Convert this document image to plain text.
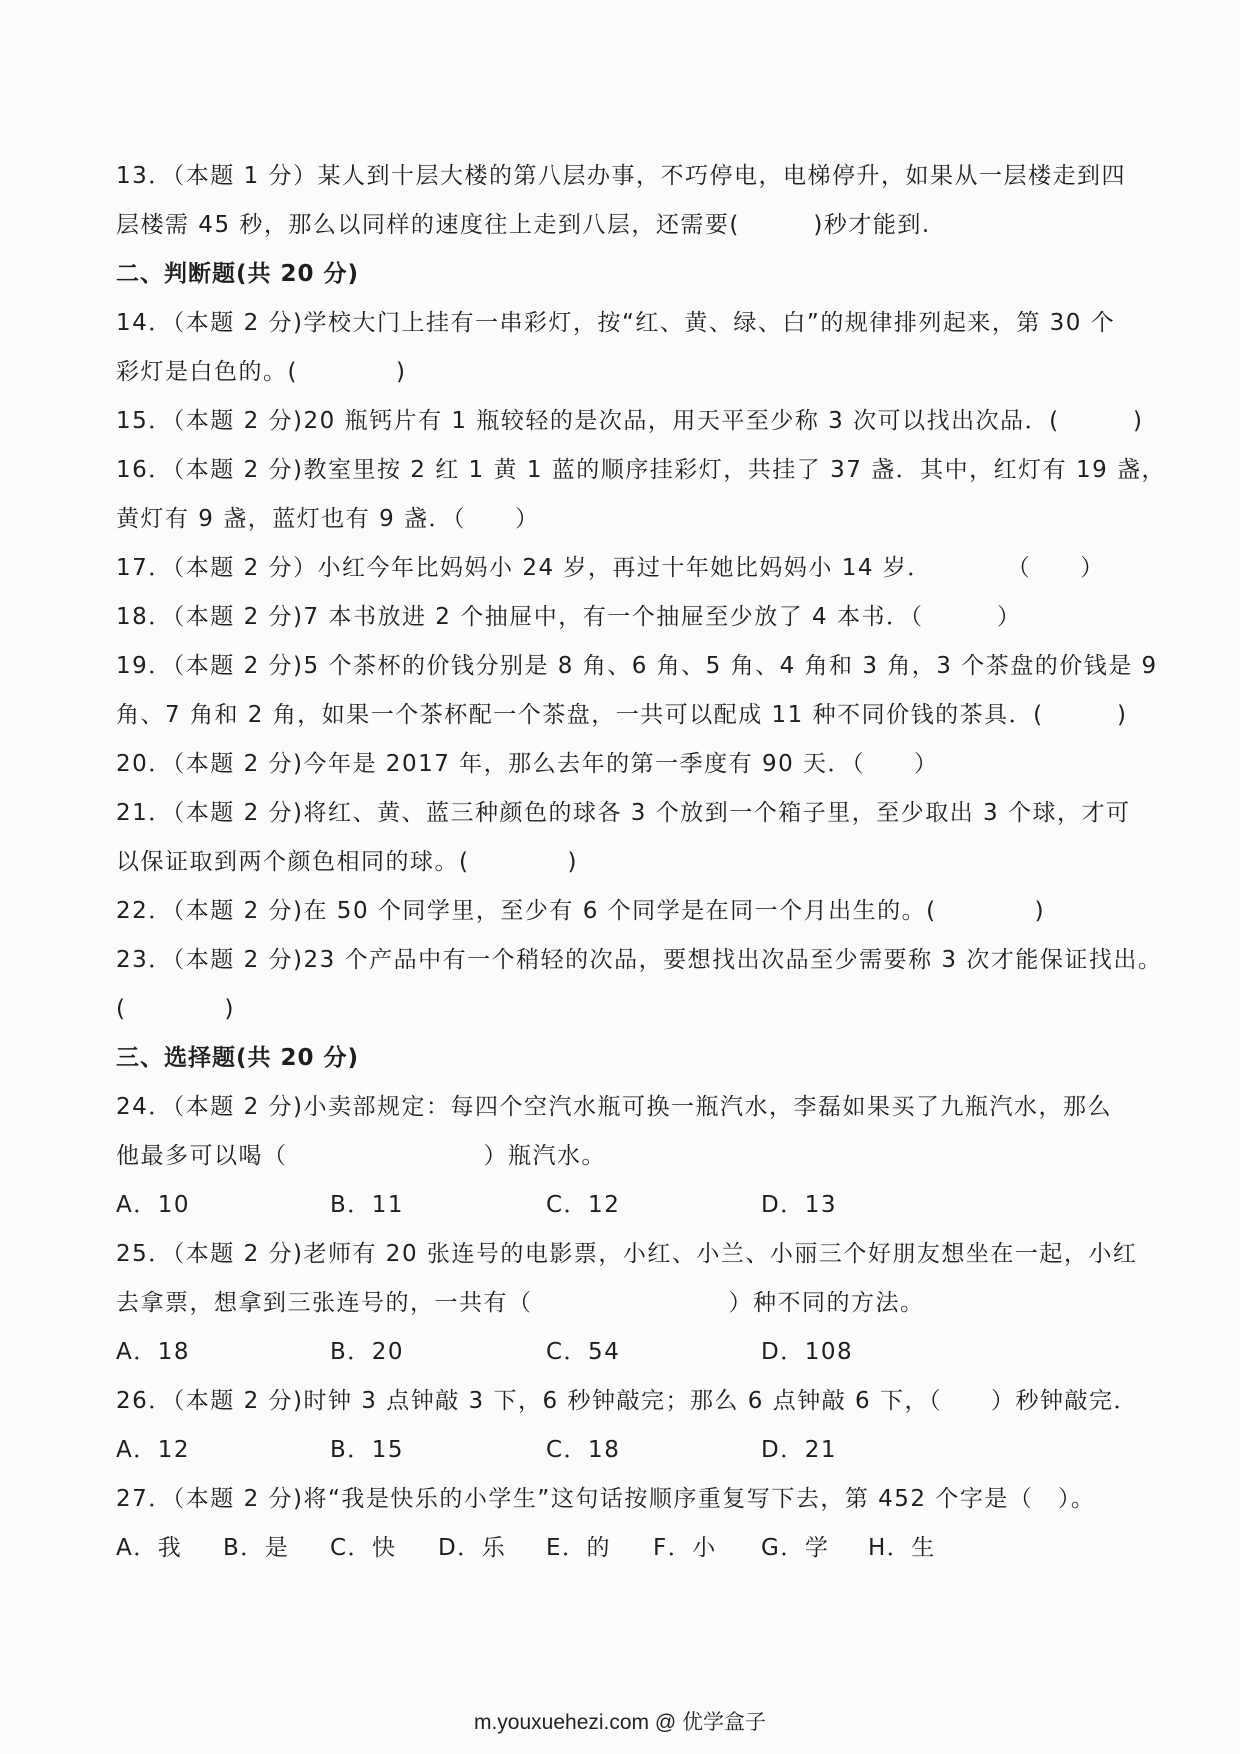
13．（本题 1 分）某人到十层大楼的第八层办事，不巧停电，电梯停升，如果从一层楼走到四
层楼需 45 秒，那么以同样的速度往上走到八层，还需要(　　　)秒才能到.
二、判断题(共 20 分)
14．（本题 2 分)学校大门上挂有一串彩灯，按“红、黄、绿、白”的规律排列起来，第 30 个
彩灯是白色的。(　　　　)
15．（本题 2 分)20 瓶钙片有 1 瓶较轻的是次品，用天平至少称 3 次可以找出次品．(　　　)
16．（本题 2 分)教室里按 2 红 1 黄 1 蓝的顺序挂彩灯，共挂了 37 盏．其中，红灯有 19 盏，
黄灯有 9 盏，蓝灯也有 9 盏．（　　）
17．（本题 2 分）小红今年比妈妈小 24 岁，再过十年她比妈妈小 14 岁．　　　　（　　）
18．（本题 2 分)7 本书放进 2 个抽屉中，有一个抽屉至少放了 4 本书．（　　　）
19．（本题 2 分)5 个茶杯的价钱分别是 8 角、6 角、5 角、4 角和 3 角，3 个茶盘的价钱是 9
角、7 角和 2 角，如果一个茶杯配一个茶盘，一共可以配成 11 种不同价钱的茶具．(　　　)
20．（本题 2 分)今年是 2017 年，那么去年的第一季度有 90 天．（　　）
21．（本题 2 分)将红、黄、蓝三种颜色的球各 3 个放到一个箱子里，至少取出 3 个球，才可
以保证取到两个颜色相同的球。(　　　　)
22．（本题 2 分)在 50 个同学里，至少有 6 个同学是在同一个月出生的。(　　　　)
23．（本题 2 分)23 个产品中有一个稍轻的次品，要想找出次品至少需要称 3 次才能保证找出。
(　　　　)
三、选择题(共 20 分)
24．（本题 2 分)小卖部规定：每四个空汽水瓶可换一瓶汽水，李磊如果买了九瓶汽水，那么
他最多可以喝（　　　　　　　　）瓶汽水。
A．10	B．11	C．12	D．13
25．（本题 2 分)老师有 20 张连号的电影票，小红、小兰、小丽三个好朋友想坐在一起，小红
去拿票，想拿到三张连号的，一共有（　　　　　　　　）种不同的方法。
A．18	B．20	C．54	D．108
26．（本题 2 分)时钟 3 点钟敲 3 下，6 秒钟敲完；那么 6 点钟敲 6 下，（　　）秒钟敲完．
A．12	B．15	C．18	D．21
27．（本题 2 分)将“我是快乐的小学生”这句话按顺序重复写下去，第 452 个字是（　）。
A．我 B．是 C．快 D．乐 E．的 F．小 G．学 H．生
m.youxuehezi.com @ 优学盒子
